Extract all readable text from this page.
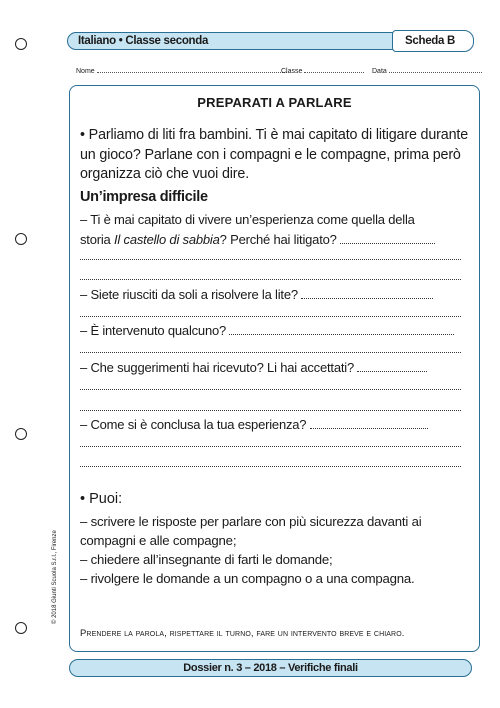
Italiano • Classe seconda	Scheda B
Nome	Classe	Data
PREPARATI A PARLARE
• Parliamo di liti fra bambini. Ti è mai capitato di litigare durante un gioco? Parlane con i compagni e le compagne, prima però organizza ciò che vuoi dire.
Un’impresa difficile
– Ti è mai capitato di vivere un’esperienza come quella della
storia Il castello di sabbia? Perché hai litigato?
– Siete riusciti da soli a risolvere la lite?
– È intervenuto qualcuno?
– Che suggerimenti hai ricevuto? Li hai accettati?
– Come si è conclusa la tua esperienza?
• Puoi:
– scrivere le risposte per parlare con più sicurezza davanti ai
compagni e alle compagne;
– chiedere all’insegnante di farti le domande;
– rivolgere le domande a un compagno o a una compagna.
Prendere la parola, rispettare il turno, fare un intervento breve e chiaro.
© 2018 Giunti Scuola S.r.l., Firenze
Dossier n. 3 – 2018 – Verifiche finali
